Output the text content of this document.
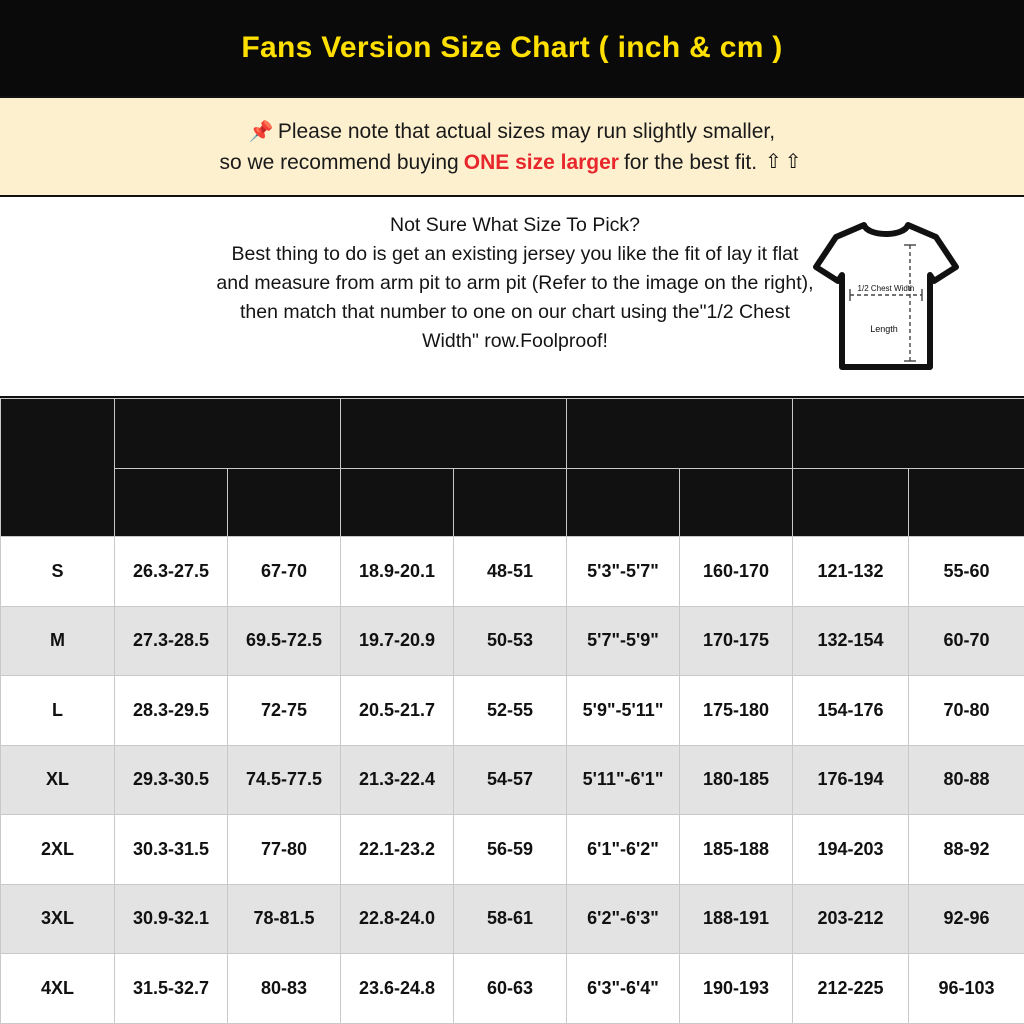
Fans Version Size Chart ( inch & cm )
📌 Please note that actual sizes may run slightly smaller,
so we recommend buying ONE size larger for the best fit. ⇧⇧
Not Sure What Size To Pick?
Best thing to do is get an existing jersey you like the fit of lay it flat
and measure from arm pit to arm pit (Refer to the image on the right),
then match that number to one on our chart using the"1/2 Chest
Width" row.Foolproof!
1/2 Chest Width
Length
SIZE	Length		1/2 Chest Width		Height		Weight	
	inch	cm	inch	cm	inch	cm	Pound	KG
S	26.3-27.5	67-70	18.9-20.1	48-51	5'3"-5'7"	160-170	121-132	55-60
M	27.3-28.5	69.5-72.5	19.7-20.9	50-53	5'7"-5'9"	170-175	132-154	60-70
L	28.3-29.5	72-75	20.5-21.7	52-55	5'9"-5'11"	175-180	154-176	70-80
XL	29.3-30.5	74.5-77.5	21.3-22.4	54-57	5'11"-6'1"	180-185	176-194	80-88
2XL	30.3-31.5	77-80	22.1-23.2	56-59	6'1"-6'2"	185-188	194-203	88-92
3XL	30.9-32.1	78-81.5	22.8-24.0	58-61	6'2"-6'3"	188-191	203-212	92-96
4XL	31.5-32.7	80-83	23.6-24.8	60-63	6'3"-6'4"	190-193	212-225	96-103
